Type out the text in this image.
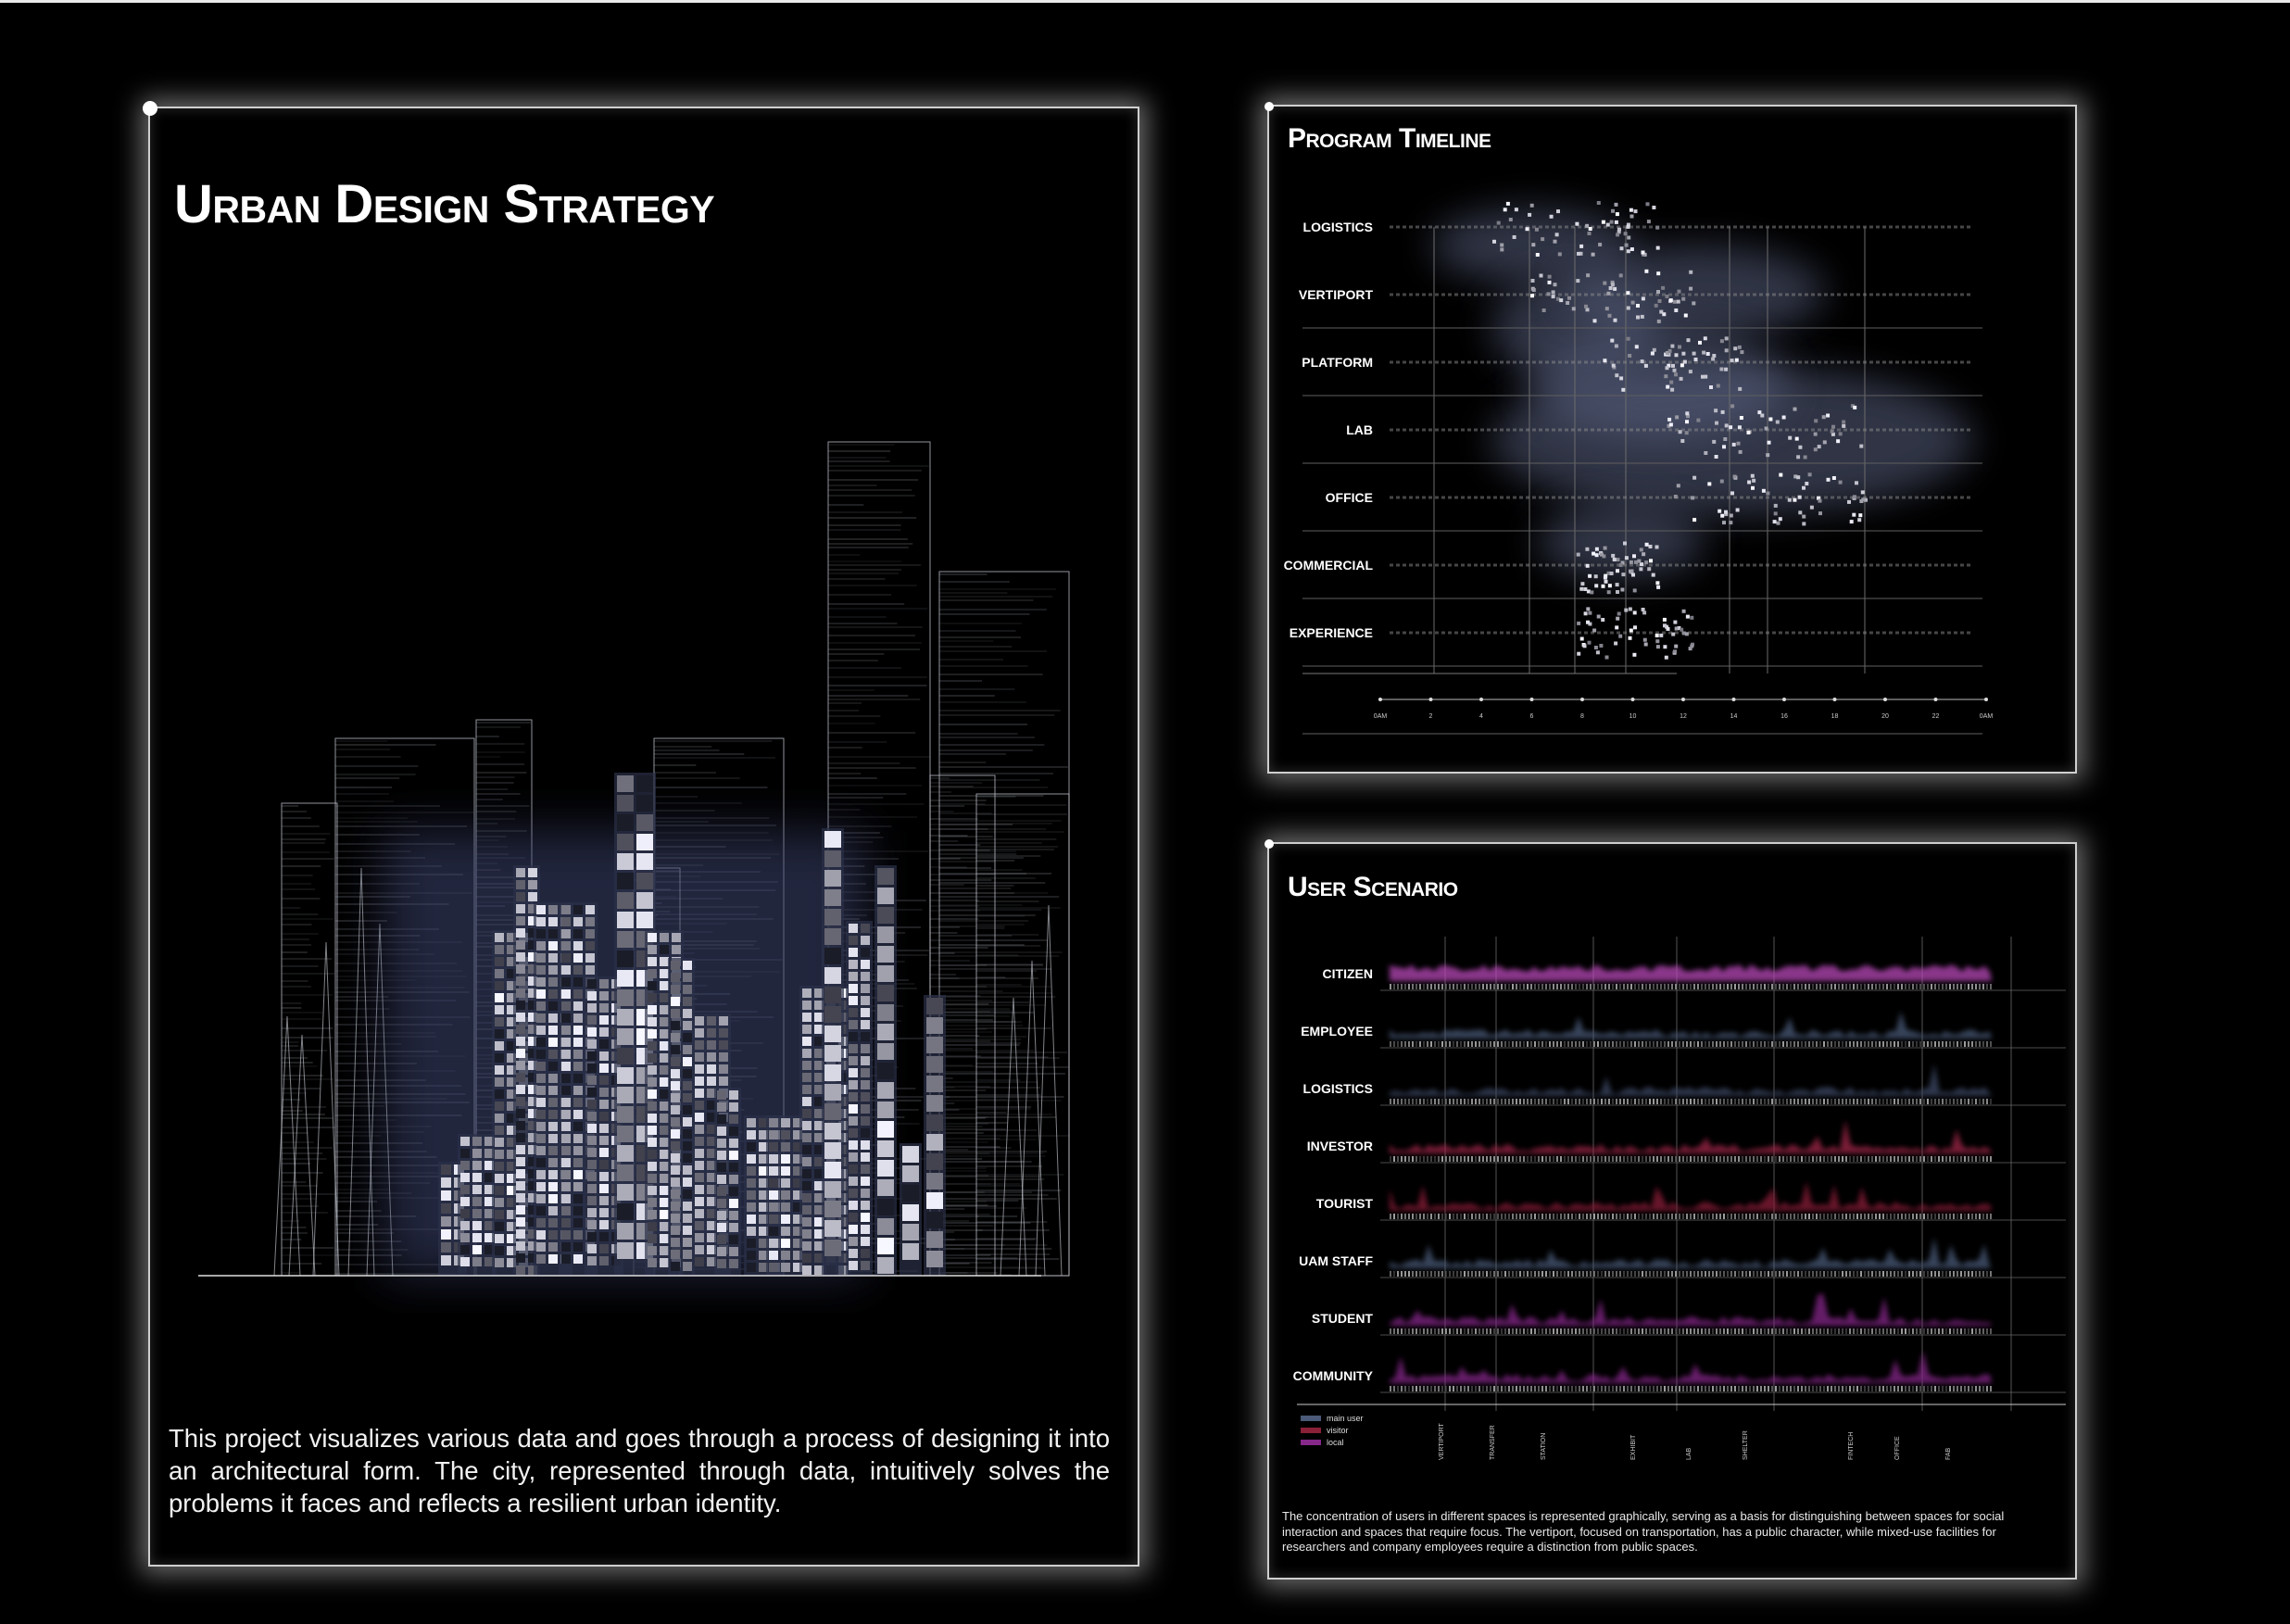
Urban Design Strategy

This project visualizes various data and goes through a process of designing it into an architectural form. The city, represented through data, intuitively solves the problems it faces and reflects a resilient urban identity.

Program Timeline
LOGISTICS
VERTIPORT
PLATFORM
LAB
OFFICE
COMMERCIAL
EXPERIENCE
0AM	2	4	6	8	10	12	14	16	18	20	22	0AM
User Scenario
CITIZEN
EMPLOYEE
LOGISTICS
INVESTOR
TOURIST
UAM STAFF
STUDENT
COMMUNITY
main user
visitor
local	VERTIPORT	TRANSFER	STATION	EXHIBIT	LAB	SHELTER	FINTECH	OFFICE	FAB

The concentration of users in different spaces is represented graphically, serving as a basis for distinguishing between spaces for social interaction and spaces that require focus. The vertiport, focused on transportation, has a public character, while mixed-use facilities for researchers and company employees require a distinction from public spaces.
